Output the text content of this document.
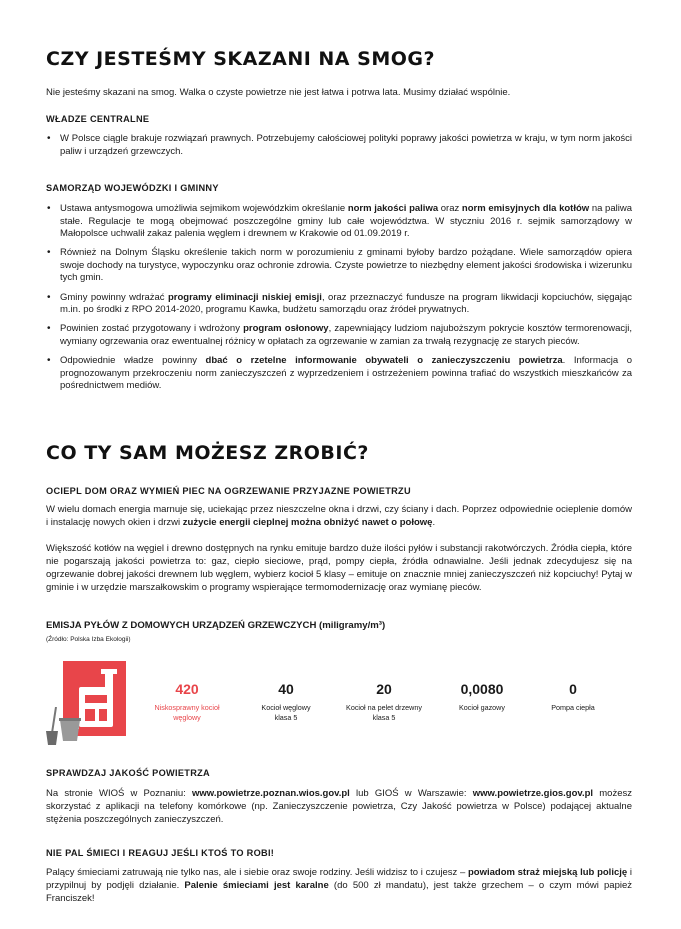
CZY JESTEŚMY SKAZANI NA SMOG?
Nie jesteśmy skazani na smog. Walka o czyste powietrze nie jest łatwa i potrwa lata. Musimy działać wspólnie.
WŁADZE CENTRALNE
• W Polsce ciągle brakuje rozwiązań prawnych. Potrzebujemy całościowej polityki poprawy jakości powietrza w kraju, w tym norm jakości paliw i urządzeń grzewczych.
SAMORZĄD WOJEWÓDZKI I GMINNY
• Ustawa antysmogowa umożliwia sejmikom wojewódzkim określanie norm jakości paliwa oraz norm emisyjnych dla kotłów na paliwa stałe. Regulacje te mogą obejmować poszczególne gminy lub całe województwa. W styczniu 2016 r. sejmik samorządowy w Małopolsce uchwalił zakaz palenia węglem i drewnem w Krakowie od 01.09.2019 r.
• Również na Dolnym Śląsku określenie takich norm w porozumieniu z gminami byłoby bardzo pożądane. Wiele samorządów opiera swoje dochody na turystyce, wypoczynku oraz ochronie zdrowia. Czyste powietrze to niezbędny element jakości środowiska i wizerunku tych gmin.
• Gminy powinny wdrażać programy eliminacji niskiej emisji, oraz przeznaczyć fundusze na program likwidacji kopciuchów, sięgając m.in. po środki z RPO 2014-2020, programu Kawka, budżetu samorządu oraz źródeł prywatnych.
• Powinien zostać przygotowany i wdrożony program osłonowy, zapewniający ludziom najuboższym pokrycie kosztów termorenowacji, wymiany ogrzewania oraz ewentualnej różnicy w opłatach za ogrzewanie w zamian za trwałą rezygnację ze starych pieców.
• Odpowiednie władze powinny dbać o rzetelne informowanie obywateli o zanieczyszczeniu powietrza. Informacja o prognozowanym przekroczeniu norm zanieczyszczeń z wyprzedzeniem i ostrzeżeniem powinna trafiać do wszystkich mieszkańców za pośrednictwem mediów.
CO TY SAM MOŻESZ ZROBIĆ?
OCIEPL DOM ORAZ WYMIEŃ PIEC NA OGRZEWANIE PRZYJAZNE POWIETRZU
W wielu domach energia marnuje się, uciekając przez nieszczelne okna i drzwi, czy ściany i dach. Poprzez odpowiednie ocieplenie domów i instalację nowych okien i drzwi zużycie energii cieplnej można obniżyć nawet o połowę.
Większość kotłów na węgiel i drewno dostępnych na rynku emituje bardzo duże ilości pyłów i substancji rakotwórczych. Źródła ciepła, które nie pogarszają jakości powietrza to: gaz, ciepło sieciowe, prąd, pompy ciepła, źródła odnawialne. Jeśli jednak zdecydujesz się na ogrzewanie dobrej jakości drewnem lub węglem, wybierz kocioł 5 klasy – emituje on znacznie mniej zanieczyszczeń niż kopciuchy! Pytaj w gminie i w urzędzie marszałkowskim o programy wspierające termomodernizację oraz wymianę pieców.
EMISJA PYŁÓW Z DOMOWYCH URZĄDZEŃ GRZEWCZYCH (miligramy/m³)
(Źródło: Polska Izba Ekologii)
420
Niskosprawny kocioł węglowy
40
Kocioł węglowy klasa 5
20
Kocioł na pelet drzewny klasa 5
0,0080
Kocioł gazowy
0
Pompa ciepła
SPRAWDZAJ JAKOŚĆ POWIETRZA
Na stronie WIOŚ w Poznaniu: www.powietrze.poznan.wios.gov.pl lub GIOŚ w Warszawie: www.powietrze.gios.gov.pl możesz skorzystać z aplikacji na telefony komórkowe (np. Zanieczyszczenie powietrza, Czy Jakość powietrza w Polsce) podającej aktualne stężenia poszczególnych zanieczyszczeń.
NIE PAL ŚMIECI I REAGUJ JEŚLI KTOŚ TO ROBI!
Palący śmieciami zatruwają nie tylko nas, ale i siebie oraz swoje rodziny. Jeśli widzisz to i czujesz – powiadom straż miejską lub policję i przypilnuj by podjęli działanie. Palenie śmieciami jest karalne (do 500 zł mandatu), jest także grzechem – o czym mówi papież Franciszek!
